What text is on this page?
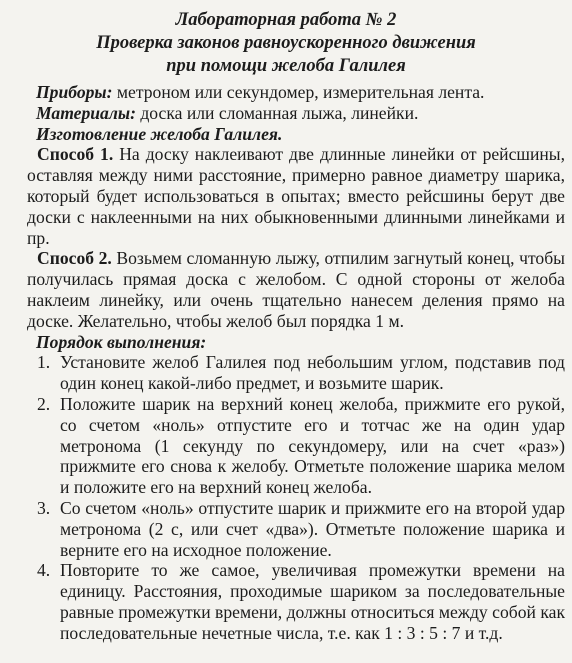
Лабораторная работа № 2

Проверка законов равноускоренного движения

при помощи желоба Галилея

Приборы: метроном или секундомер, измерительная лента.

Материалы: доска или сломанная лыжа, линейки.

Изготовление желоба Галилея.

Способ 1. На доску наклеивают две длинные линейки от рейсшины, оставляя между ними расстояние, примерно равное диаметру шарика, который будет использоваться в опытах; вместо рейсшины берут две доски с наклеенными на них обыкновенными длинными линейками и пр.

Способ 2. Возьмем сломанную лыжу, отпилим загнутый конец, чтобы получилась прямая доска с желобом. С одной стороны от желоба наклеим линейку, или очень тщательно нанесем деления прямо на доске. Желательно, чтобы желоб был порядка 1 м.

Порядок выполнения:

1. Установите желоб Галилея под небольшим углом, подставив под один конец какой-либо предмет, и возьмите шарик.
2. Положите шарик на верхний конец желоба, прижмите его рукой, со счетом «ноль» отпустите его и тотчас же на один удар метронома (1 секунду по секундомеру, или на счет «раз») прижмите его снова к желобу. Отметьте положение шарика мелом и положите его на верхний конец желоба.
3. Со счетом «ноль» отпустите шарик и прижмите его на второй удар метронома (2 с, или счет «два»). Отметьте положение шарика и верните его на исходное положение.
4. Повторите то же самое, увеличивая промежутки времени на единицу. Расстояния, проходимые шариком за последовательные равные промежутки времени, должны относиться между собой как последовательные нечетные числа, т.е. как 1 : 3 : 5 : 7 и т.д.
